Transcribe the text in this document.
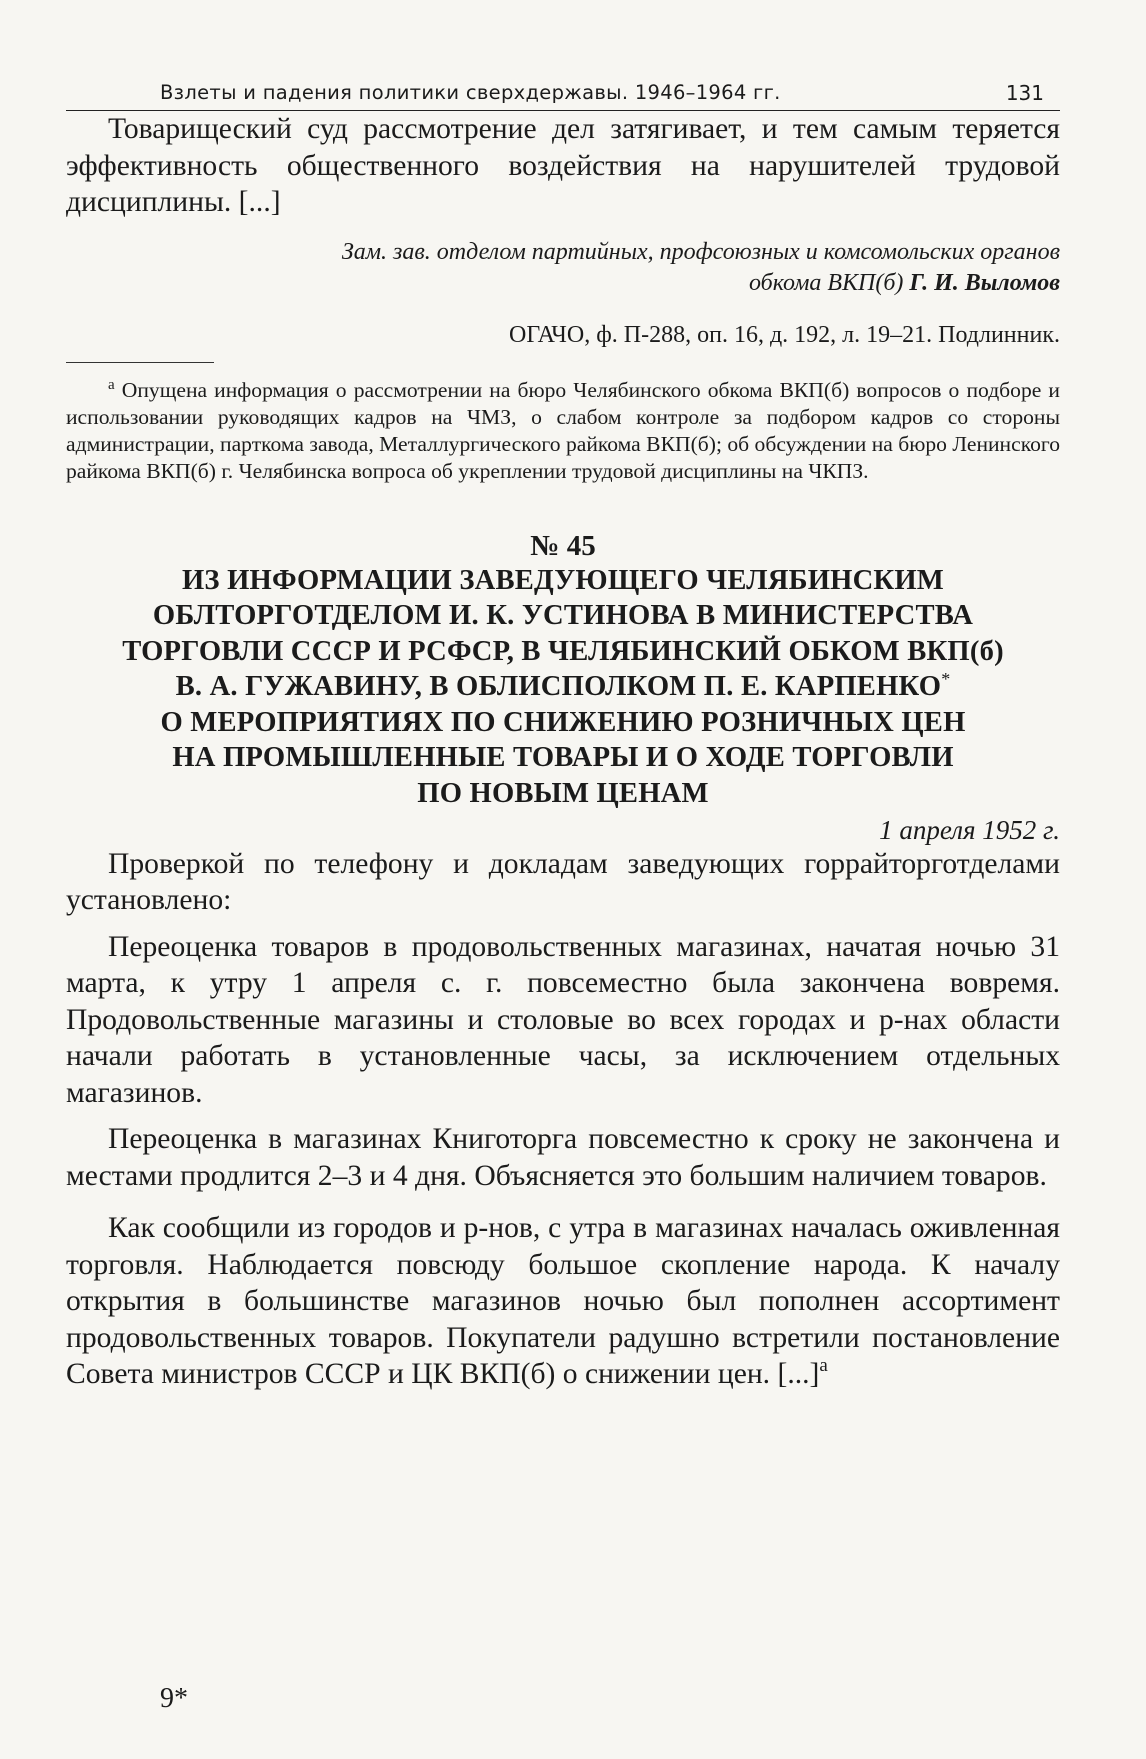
Взлеты и падения политики сверхдержавы. 1946–1964 гг.	131

Товарищеский суд рассмотрение дел затягивает, и тем самым теряется эффективность общественного воздействия на нарушителей трудовой дисциплины. [...]

Зам. зав. отделом партийных, профсоюзных и комсомольских органов
обкома ВКП(б) Г. И. Выломов
ОГАЧО, ф. П-288, оп. 16, д. 192, л. 19–21. Подлинник.
$^а$ Опущена информация о рассмотрении на бюро Челябинского обкома ВКП(б) вопросов о подборе и использовании руководящих кадров на ЧМЗ, о слабом контроле за подбором кадров со стороны администрации, парткома завода, Металлургического райкома ВКП(б); об обсуждении на бюро Ленинского райкома ВКП(б) г. Челябинска вопроса об укреплении трудовой дисциплины на ЧКПЗ.
№ 45
ИЗ ИНФОРМАЦИИ ЗАВЕДУЮЩЕГО ЧЕЛЯБИНСКИМ
ОБЛТОРГОТДЕЛОМ И. К. УСТИНОВА В МИНИСТЕРСТВА
ТОРГОВЛИ СССР И РСФСР, В ЧЕЛЯБИНСКИЙ ОБКОМ ВКП(б)
В. А. ГУЖАВИНУ, В ОБЛИСПОЛКОМ П. Е. КАРПЕНКО*
О МЕРОПРИЯТИЯХ ПО СНИЖЕНИЮ РОЗНИЧНЫХ ЦЕН
НА ПРОМЫШЛЕННЫЕ ТОВАРЫ И О ХОДЕ ТОРГОВЛИ
ПО НОВЫМ ЦЕНАМ
1 апреля 1952 г.

Проверкой по телефону и докладам заведующих горрайторготделами установлено:

Переоценка товаров в продовольственных магазинах, начатая ночью 31 марта, к утру 1 апреля с. г. повсеместно была закончена вовремя. Продовольственные магазины и столовые во всех городах и р-нах области начали работать в установленные часы, за исключением отдельных магазинов.

Переоценка в магазинах Книготорга повсеместно к сроку не закончена и местами продлится 2–3 и 4 дня. Объясняется это большим наличием товаров.

Как сообщили из городов и р-нов, с утра в магазинах началась оживленная торговля. Наблюдается повсюду большое скопление народа. К началу открытия в большинстве магазинов ночью был пополнен ассортимент продовольственных товаров. Покупатели радушно встретили постановление Совета министров СССР и ЦК ВКП(б) о снижении цен. [...]$^а$

9*
